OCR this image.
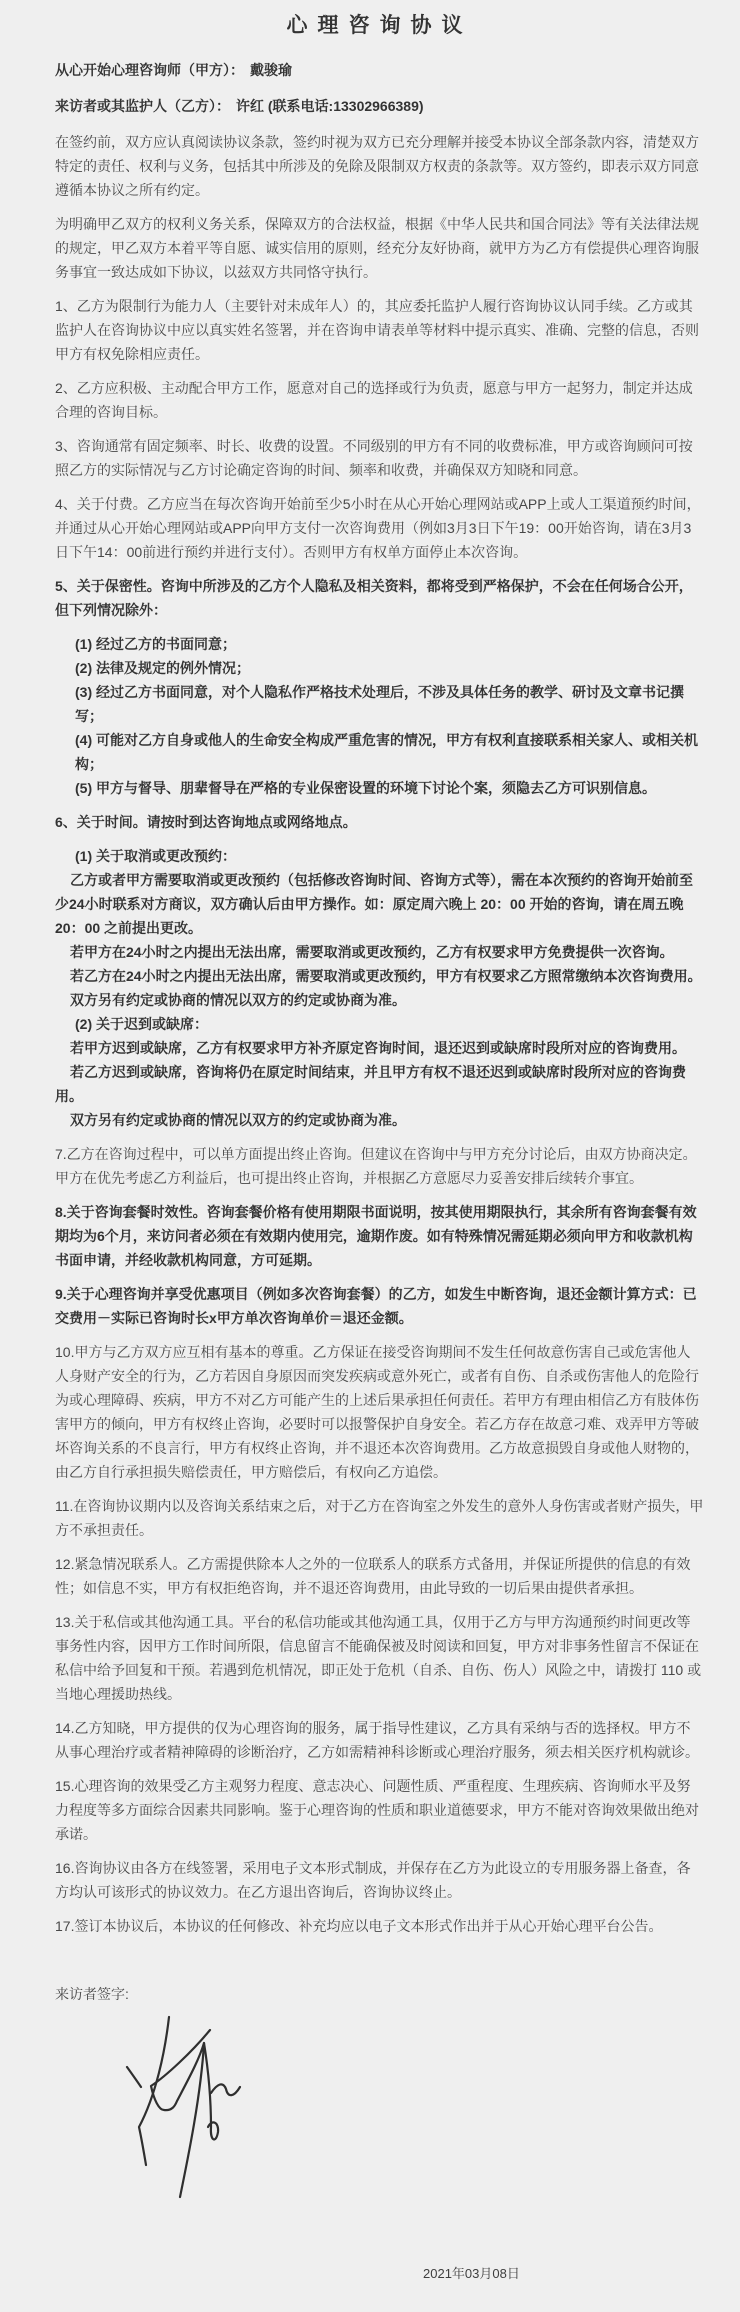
心理咨询协议

从心开始心理咨询师（甲方）： 戴骏瑜

来访者或其监护人（乙方）： 许红 (联系电话:13302966389)

在签约前，双方应认真阅读协议条款，签约时视为双方已充分理解并接受本协议全部条款内容，清楚双方特定的责任、权利与义务，包括其中所涉及的免除及限制双方权责的条款等。双方签约，即表示双方同意遵循本协议之所有约定。

为明确甲乙双方的权利义务关系，保障双方的合法权益，根据《中华人民共和国合同法》等有关法律法规的规定，甲乙双方本着平等自愿、诚实信用的原则，经充分友好协商，就甲方为乙方有偿提供心理咨询服务事宜一致达成如下协议，以兹双方共同恪守执行。

1、乙方为限制行为能力人（主要针对未成年人）的，其应委托监护人履行咨询协议认同手续。乙方或其监护人在咨询协议中应以真实姓名签署，并在咨询申请表单等材料中提示真实、准确、完整的信息，否则甲方有权免除相应责任。

2、乙方应积极、主动配合甲方工作，愿意对自己的选择或行为负责，愿意与甲方一起努力，制定并达成合理的咨询目标。

3、咨询通常有固定频率、时长、收费的设置。不同级别的甲方有不同的收费标准，甲方或咨询顾问可按照乙方的实际情况与乙方讨论确定咨询的时间、频率和收费，并确保双方知晓和同意。

4、关于付费。乙方应当在每次咨询开始前至少5小时在从心开始心理网站或APP上或人工渠道预约时间，并通过从心开始心理网站或APP向甲方支付一次咨询费用（例如3月3日下午19：00开始咨询，请在3月3日下午14：00前进行预约并进行支付）。否则甲方有权单方面停止本次咨询。

5、关于保密性。咨询中所涉及的乙方个人隐私及相关资料，都将受到严格保护，不会在任何场合公开，但下列情况除外：

(1) 经过乙方的书面同意；

(2) 法律及规定的例外情况；

(3) 经过乙方书面同意，对个人隐私作严格技术处理后，不涉及具体任务的教学、研讨及文章书记撰写；

(4) 可能对乙方自身或他人的生命安全构成严重危害的情况，甲方有权利直接联系相关家人、或相关机构；

(5) 甲方与督导、朋辈督导在严格的专业保密设置的环境下讨论个案，须隐去乙方可识别信息。

6、关于时间。请按时到达咨询地点或网络地点。

(1) 关于取消或更改预约：

乙方或者甲方需要取消或更改预约（包括修改咨询时间、咨询方式等），需在本次预约的咨询开始前至少24小时联系对方商议，双方确认后由甲方操作。如：原定周六晚上 20：00 开始的咨询，请在周五晚 20：00 之前提出更改。

若甲方在24小时之内提出无法出席，需要取消或更改预约，乙方有权要求甲方免费提供一次咨询。

若乙方在24小时之内提出无法出席，需要取消或更改预约，甲方有权要求乙方照常缴纳本次咨询费用。

双方另有约定或协商的情况以双方的约定或协商为准。

(2) 关于迟到或缺席：

若甲方迟到或缺席，乙方有权要求甲方补齐原定咨询时间，退还迟到或缺席时段所对应的咨询费用。

若乙方迟到或缺席，咨询将仍在原定时间结束，并且甲方有权不退还迟到或缺席时段所对应的咨询费用。

双方另有约定或协商的情况以双方的约定或协商为准。

7.乙方在咨询过程中，可以单方面提出终止咨询。但建议在咨询中与甲方充分讨论后，由双方协商决定。甲方在优先考虑乙方利益后，也可提出终止咨询，并根据乙方意愿尽力妥善安排后续转介事宜。

8.关于咨询套餐时效性。咨询套餐价格有使用期限书面说明，按其使用期限执行，其余所有咨询套餐有效期均为6个月，来访问者必须在有效期内使用完，逾期作废。如有特殊情况需延期必须向甲方和收款机构书面申请，并经收款机构同意，方可延期。

9.关于心理咨询并享受优惠项目（例如多次咨询套餐）的乙方，如发生中断咨询，退还金额计算方式：已交费用－实际已咨询时长x甲方单次咨询单价＝退还金额。

10.甲方与乙方双方应互相有基本的尊重。乙方保证在接受咨询期间不发生任何故意伤害自己或危害他人人身财产安全的行为，乙方若因自身原因而突发疾病或意外死亡，或者有自伤、自杀或伤害他人的危险行为或心理障碍、疾病，甲方不对乙方可能产生的上述后果承担任何责任。若甲方有理由相信乙方有肢体伤害甲方的倾向，甲方有权终止咨询，必要时可以报警保护自身安全。若乙方存在故意刁难、戏弄甲方等破坏咨询关系的不良言行，甲方有权终止咨询，并不退还本次咨询费用。乙方故意损毁自身或他人财物的，由乙方自行承担损失赔偿责任，甲方赔偿后，有权向乙方追偿。

11.在咨询协议期内以及咨询关系结束之后，对于乙方在咨询室之外发生的意外人身伤害或者财产损失，甲方不承担责任。

12.紧急情况联系人。乙方需提供除本人之外的一位联系人的联系方式备用，并保证所提供的信息的有效性；如信息不实，甲方有权拒绝咨询，并不退还咨询费用，由此导致的一切后果由提供者承担。

13.关于私信或其他沟通工具。平台的私信功能或其他沟通工具，仅用于乙方与甲方沟通预约时间更改等事务性内容，因甲方工作时间所限，信息留言不能确保被及时阅读和回复，甲方对非事务性留言不保证在私信中给予回复和干预。若遇到危机情况，即正处于危机（自杀、自伤、伤人）风险之中，请拨打 110 或当地心理援助热线。

14.乙方知晓，甲方提供的仅为心理咨询的服务，属于指导性建议，乙方具有采纳与否的选择权。甲方不从事心理治疗或者精神障碍的诊断治疗，乙方如需精神科诊断或心理治疗服务，须去相关医疗机构就诊。

15.心理咨询的效果受乙方主观努力程度、意志决心、问题性质、严重程度、生理疾病、咨询师水平及努力程度等多方面综合因素共同影响。鉴于心理咨询的性质和职业道德要求，甲方不能对咨询效果做出绝对承诺。

16.咨询协议由各方在线签署，采用电子文本形式制成，并保存在乙方为此设立的专用服务器上备查，各方均认可该形式的协议效力。在乙方退出咨询后，咨询协议终止。

17.签订本协议后，本协议的任何修改、补充均应以电子文本形式作出并于从心开始心理平台公告。

来访者签字:
2021年03月08日
